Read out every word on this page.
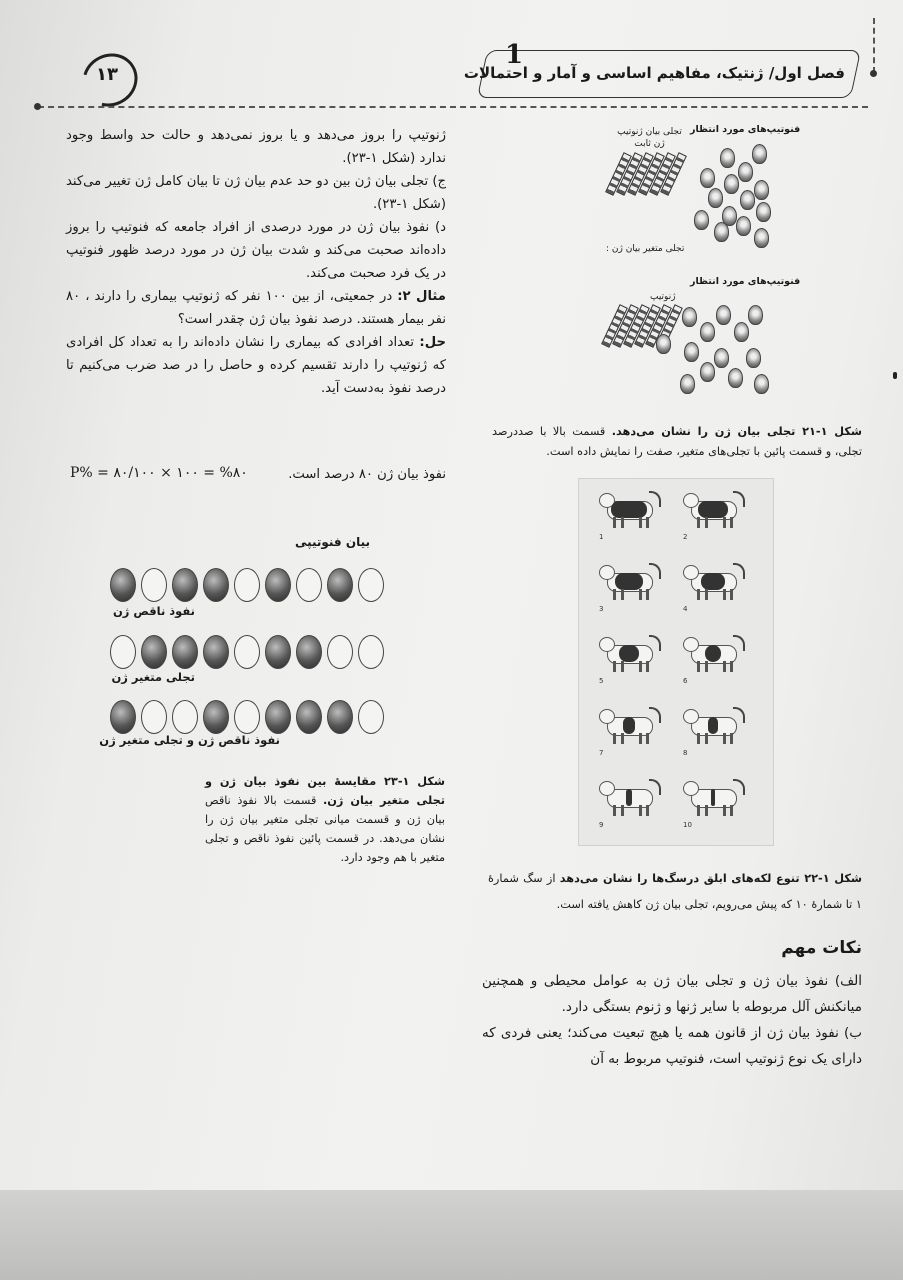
فصل اول/ ژنتیک، مفاهیم اساسی و آمار و احتمالات
1
۱۳

ژنوتیپ را بروز می‌دهد و یا بروز نمی‌دهد و حالت حد واسط وجود ندارد (شکل ۱-۲۳).

ج) تجلی بیان ژن بین دو حد عدم بیان ژن تا بیان کامل ژن تغییر می‌کند (شکل ۱-۲۳).

د) نفوذ بیان ژن در مورد درصدی از افراد جامعه که فنوتیپ را بروز داده‌اند صحبت می‌کند و شدت بیان ژن در مورد درصد ظهور فنوتیپ در یک فرد صحبت می‌کند.

مثال ۲: در جمعیتی، از بین ۱۰۰ نفر که ژنوتیپ بیماری را دارند ، ۸۰ نفر بیمار هستند. درصد نفوذ بیان ژن چقدر است؟

حل: تعداد افرادی که بیماری را نشان داده‌اند را به تعداد کل افرادی که ژنوتیپ را دارند تقسیم کرده و حاصل را در صد ضرب می‌کنیم تا درصد نفوذ به‌دست آید.

P% = ۸۰/۱۰۰ × ۱۰۰ = %۸۰	نفوذ بیان ژن ۸۰ درصد است.
بیان فنوتیپی
نفوذ ناقص ژن
تجلی متغیر ژن
نفوذ ناقص ژن و تجلی متغیر ژن
شکل ۱-۲۳ مقایسهٔ بین نفوذ بیان ژن و تجلی متغیر بیان ژن. قسمت بالا نفوذ ناقص بیان ژن و قسمت میانی تجلی متغیر بیان ژن را نشان می‌دهد. در قسمت پائین نفوذ ناقص و تجلی متغیر با هم وجود دارد.
فنوتیپ‌های مورد انتظار
تجلی بیان ژنوتیپ ژن ثابت
تجلی متغیر بیان ژن :
فنوتیپ‌های مورد انتظار
ژنوتیپ
شکل ۱-۲۱ تجلی بیان ژن را نشان می‌دهد. قسمت بالا با صددرصد تجلی، و قسمت پائین با تجلی‌های متغیر، صفت را نمایش داده است.
1	2
3	4
5	6
7	8
9	10
شکل ۱-۲۲ تنوع لکه‌های ابلق درسگ‌ها را نشان می‌دهد از سگ شمارهٔ ۱ تا شمارهٔ ۱۰ که پیش می‌رویم، تجلی بیان ژن کاهش یافته است.
نکات مهم

الف) نفوذ بیان ژن و تجلی بیان ژن به عوامل محیطی و همچنین میانکنش آلل مربوطه با سایر ژنها و ژنوم بستگی دارد.

ب) نفوذ بیان ژن از قانون همه یا هیچ تبعیت می‌کند؛ یعنی فردی که دارای یک نوع ژنوتیپ است، فنوتیپ مربوط به آن
